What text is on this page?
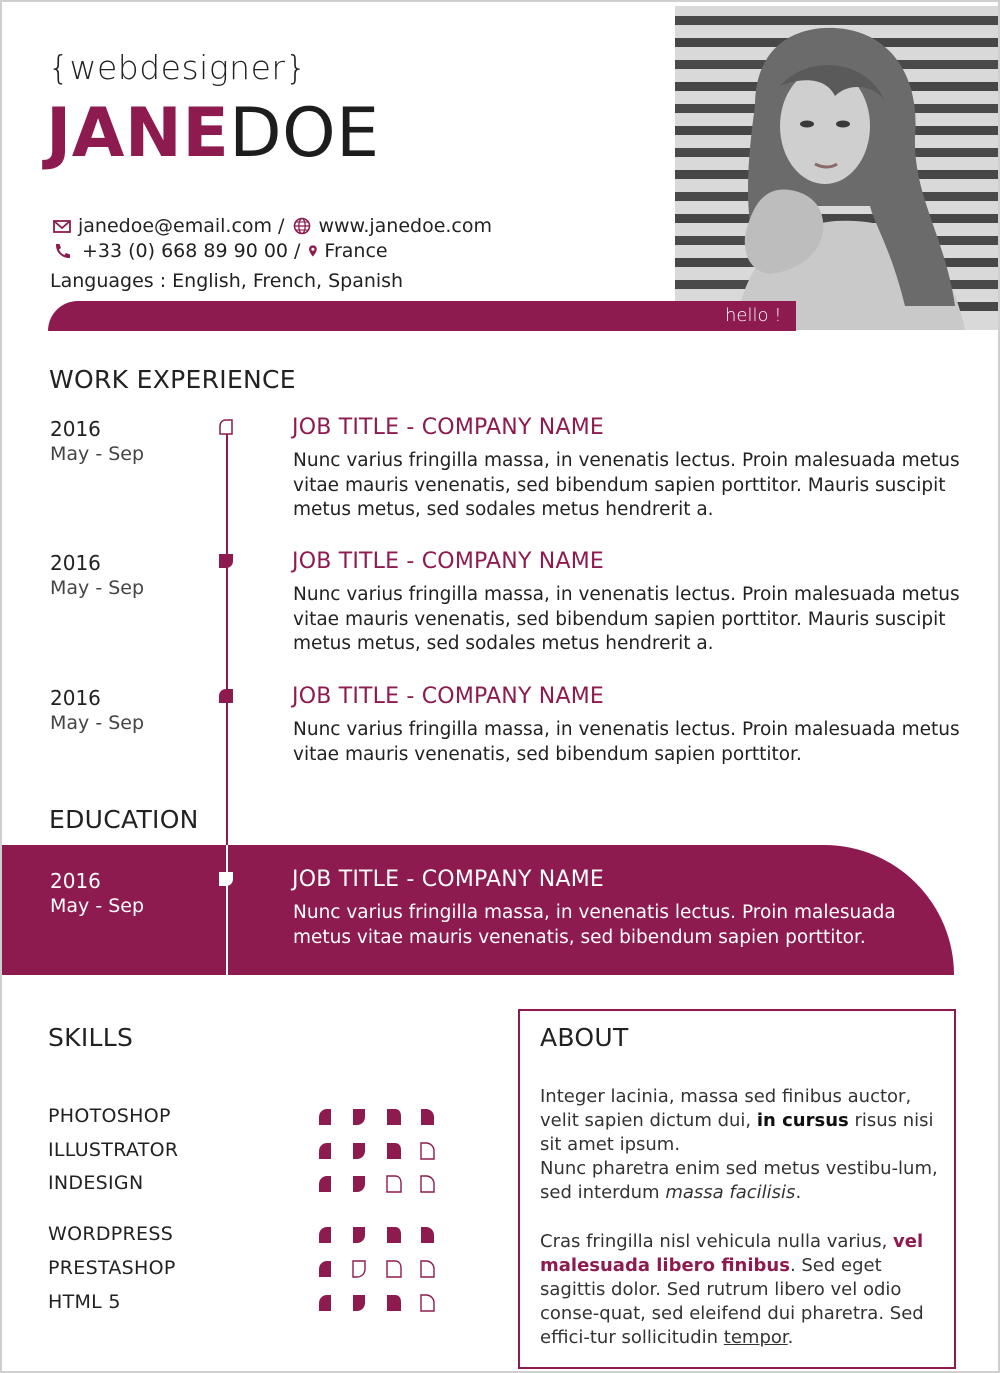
{webdesigner}
JANEDOE
janedoe@email.com / www.janedoe.com
+33 (0) 668 89 90 00 / France
Languages : English, French, Spanish
hello !
WORK EXPERIENCE
2016
May - Sep
JOB TITLE - COMPANY NAME
Nunc varius fringilla massa, in venenatis lectus. Proin malesuada metus vitae mauris venenatis, sed bibendum sapien porttitor. Mauris suscipit metus metus, sed sodales metus hendrerit a.
2016
May - Sep
JOB TITLE - COMPANY NAME
Nunc varius fringilla massa, in venenatis lectus. Proin malesuada metus vitae mauris venenatis, sed bibendum sapien porttitor. Mauris suscipit metus metus, sed sodales metus hendrerit a.
2016
May - Sep
JOB TITLE - COMPANY NAME
Nunc varius fringilla massa, in venenatis lectus. Proin malesuada metus vitae mauris venenatis, sed bibendum sapien porttitor.
EDUCATION
2016
May - Sep
JOB TITLE - COMPANY NAME
Nunc varius fringilla massa, in venenatis lectus. Proin malesuada metus vitae mauris venenatis, sed bibendum sapien porttitor.
SKILLS
PHOTOSHOP
ILLUSTRATOR
INDESIGN
WORDPRESS
PRESTASHOP
HTML 5
ABOUT
Integer lacinia, massa sed finibus auctor, velit sapien dictum dui, in cursus risus nisi sit amet ipsum.
Nunc pharetra enim sed metus vestibu-lum, sed interdum massa facilisis.
Cras fringilla nisl vehicula nulla varius, vel malesuada libero finibus. Sed eget sagittis dolor. Sed rutrum libero vel odio conse-quat, sed eleifend dui pharetra. Sed effici-tur sollicitudin tempor.
